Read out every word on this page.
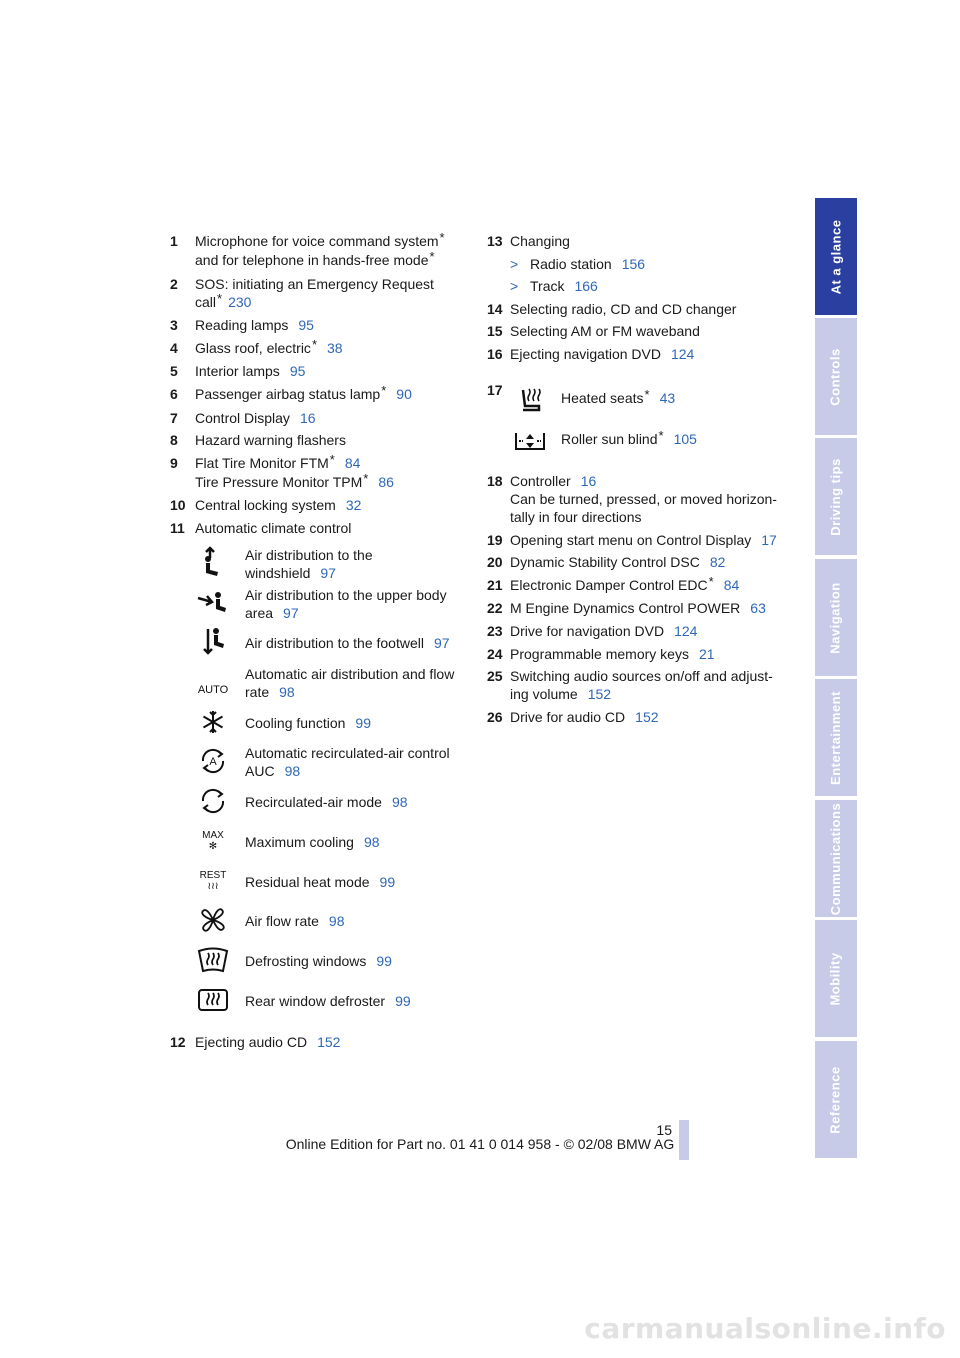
1	Microphone for voice command system*
and for telephone in hands-free mode*
2	SOS: initiating an Emergency Request
call* 230
3	Reading lamps 95
4	Glass roof, electric* 38
5	Interior lamps 95
6	Passenger airbag status lamp* 90
7	Control Display 16
8	Hazard warning flashers
9	Flat Tire Monitor FTM* 84
Tire Pressure Monitor TPM* 86
10 Central locking system 32
11 Automatic climate control
Air distribution to the
windshield 97
Air distribution to the upper body
area 97
Air distribution to the footwell 97
AUTO
Automatic air distribution and flow
rate 98
Cooling function 99
A
Automatic recirculated-air control
AUC 98
Recirculated-air mode 98
MAX
✻ Maximum cooling 98
REST
≀≀≀ Residual heat mode 99
Air flow rate 98
Defrosting windows 99
Rear window defroster 99
12 Ejecting audio CD 152
13 Changing
> Radio station 156
> Track 166
14 Selecting radio, CD and CD changer
15 Selecting AM or FM waveband
16 Ejecting navigation DVD 124
17	Heated seats* 43
Roller sun blind* 105
18 Controller 16
Can be turned, pressed, or moved horizon-
tally in four directions
19 Opening start menu on Control Display 17
20 Dynamic Stability Control DSC 82
21 Electronic Damper Control EDC* 84
22 M Engine Dynamics Control POWER 63
23 Drive for navigation DVD 124
24 Programmable memory keys 21
25 Switching audio sources on/off and adjust-
ing volume 152
26 Drive for audio CD 152
At a glance
Controls
Driving tips
Navigation
Entertainment
Communications
Mobility
Reference
15
Online Edition for Part no. 01 41 0 014 958 - © 02/08 BMW AG
carmanualsonline.info
